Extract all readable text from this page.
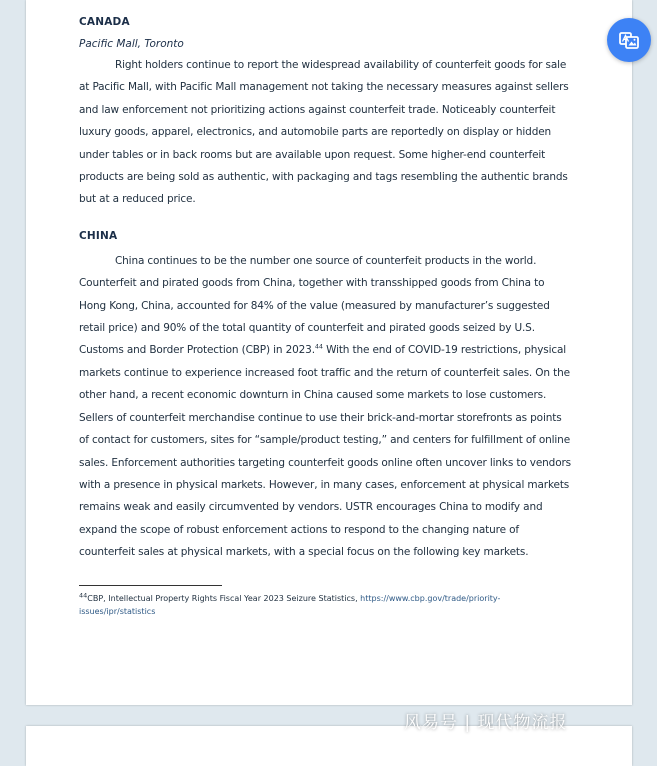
CANADA
Pacific Mall, Toronto

Right holders continue to report the widespread availability of counterfeit goods for sale at Pacific Mall, with Pacific Mall management not taking the necessary measures against sellers and law enforcement not prioritizing actions against counterfeit trade. Noticeably counterfeit luxury goods, apparel, electronics, and automobile parts are reportedly on display or hidden under tables or in back rooms but are available upon request. Some higher-end counterfeit products are being sold as authentic, with packaging and tags resembling the authentic brands but at a reduced price.

CHINA

China continues to be the number one source of counterfeit products in the world. Counterfeit and pirated goods from China, together with transshipped goods from China to Hong Kong, China, accounted for 84% of the value (measured by manufacturer’s suggested retail price) and 90% of the total quantity of counterfeit and pirated goods seized by U.S. Customs and Border Protection (CBP) in 2023.44 With the end of COVID-19 restrictions, physical markets continue to experience increased foot traffic and the return of counterfeit sales. On the other hand, a recent economic downturn in China caused some markets to lose customers. Sellers of counterfeit merchandise continue to use their brick-and-mortar storefronts as points of contact for customers, sites for “sample/product testing,” and centers for fulfillment of online sales. Enforcement authorities targeting counterfeit goods online often uncover links to vendors with a presence in physical markets. However, in many cases, enforcement at physical markets remains weak and easily circumvented by vendors. USTR encourages China to modify and expand the scope of robust enforcement actions to respond to the changing nature of counterfeit sales at physical markets, with a special focus on the following key markets.

$^{44}$CBP, Intellectual Property Rights Fiscal Year 2023 Seizure Statistics, https://www.cbp.gov/trade/priority-issues/ipr/statistics

风易号 | 现代物流报
